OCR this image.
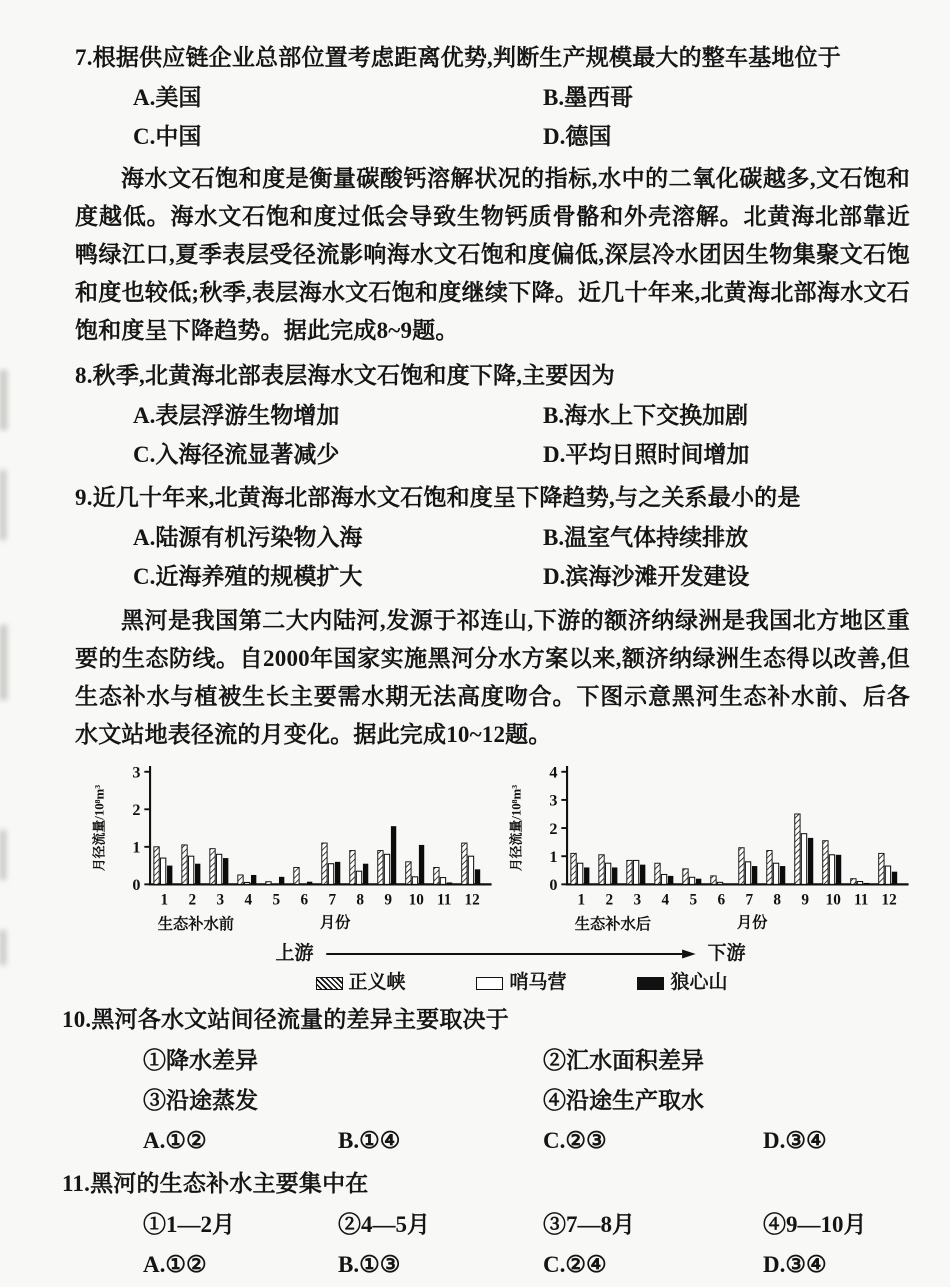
7.根据供应链企业总部位置考虑距离优势,判断生产规模最大的整车基地位于
A.美国	B.墨西哥
C.中国	D.德国

海水文石饱和度是衡量碳酸钙溶解状况的指标,水中的二氧化碳越多,文石饱和度越低。海水文石饱和度过低会导致生物钙质骨骼和外壳溶解。北黄海北部靠近鸭绿江口,夏季表层受径流影响海水文石饱和度偏低,深层冷水团因生物集聚文石饱和度也较低;秋季,表层海水文石饱和度继续下降。近几十年来,北黄海北部海水文石饱和度呈下降趋势。据此完成8~9题。

8.秋季,北黄海北部表层海水文石饱和度下降,主要因为
A.表层浮游生物增加	B.海水上下交换加剧
C.入海径流显著减少	D.平均日照时间增加
9.近几十年来,北黄海北部海水文石饱和度呈下降趋势,与之关系最小的是
A.陆源有机污染物入海	B.温室气体持续排放
C.近海养殖的规模扩大	D.滨海沙滩开发建设

黑河是我国第二大内陆河,发源于祁连山,下游的额济纳绿洲是我国北方地区重要的生态防线。自2000年国家实施黑河分水方案以来,额济纳绿洲生态得以改善,但生态补水与植被生长主要需水期无法高度吻合。下图示意黑河生态补水前、后各水文站地表径流的月变化。据此完成10~12题。

0
1
2
3
月径流量/10⁸m³
1 2 3 4 5 6 7 8 9 10 11 12
生态补水前	月份
0
1
2
3
4
月径流量/10⁸m³
1 2 3 4 5 6 7 8 9 10 11 12
生态补水后	月份
上游	下游
正义峡	哨马营	狼心山
10.黑河各水文站间径流量的差异主要取决于
①降水差异	②汇水面积差异
③沿途蒸发	④沿途生产取水
A.①②	B.①④	C.②③	D.③④
11.黑河的生态补水主要集中在
①1—2月	②4—5月	③7—8月	④9—10月
A.①②	B.①③	C.②④	D.③④
